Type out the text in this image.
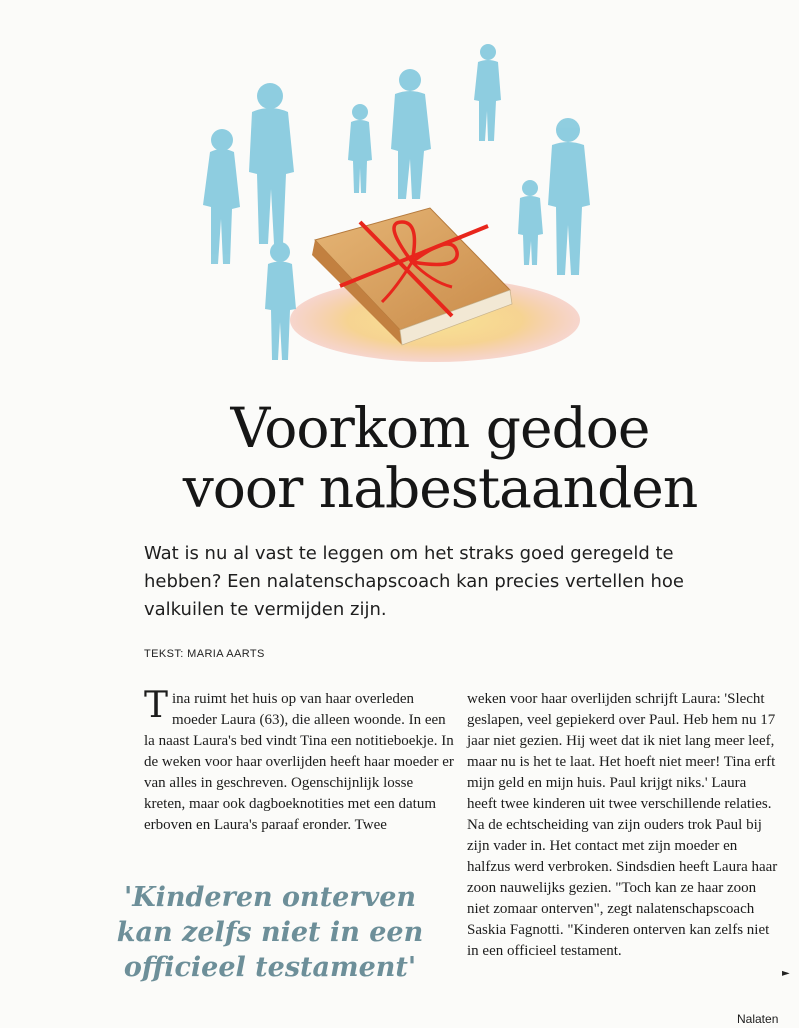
Voorkom gedoe
voor nabestaanden

Wat is nu al vast te leggen om het straks goed geregeld te hebben? Een nalatenschapscoach kan precies vertellen hoe valkuilen te vermijden zijn.

TEKST: MARIA AARTS

Tina ruimt het huis op van haar overleden moeder Laura (63), die alleen woonde. In een la naast Laura's bed vindt Tina een notitieboekje. In de weken voor haar overlijden heeft haar moeder er van alles in geschreven. Ogenschijnlijk losse kreten, maar ook dagboeknotities met een datum erboven en Laura's paraaf eronder. Twee

weken voor haar overlijden schrijft Laura: 'Slecht geslapen, veel gepiekerd over Paul. Heb hem nu 17 jaar niet gezien. Hij weet dat ik niet lang meer leef, maar nu is het te laat. Het hoeft niet meer! Tina erft mijn geld en mijn huis. Paul krijgt niks.' Laura heeft twee kinderen uit twee verschillende relaties. Na de echtscheiding van zijn ouders trok Paul bij zijn vader in. Het contact met zijn moeder en halfzus werd verbroken. Sindsdien heeft Laura haar zoon nauwelijks gezien. "Toch kan ze haar zoon niet zomaar onterven", zegt nalatenschapscoach Saskia Fagnotti. "Kinderen onterven kan zelfs niet in een officieel testament.

'Kinderen onterven kan zelfs niet in een officieel testament'	►
Nalaten
